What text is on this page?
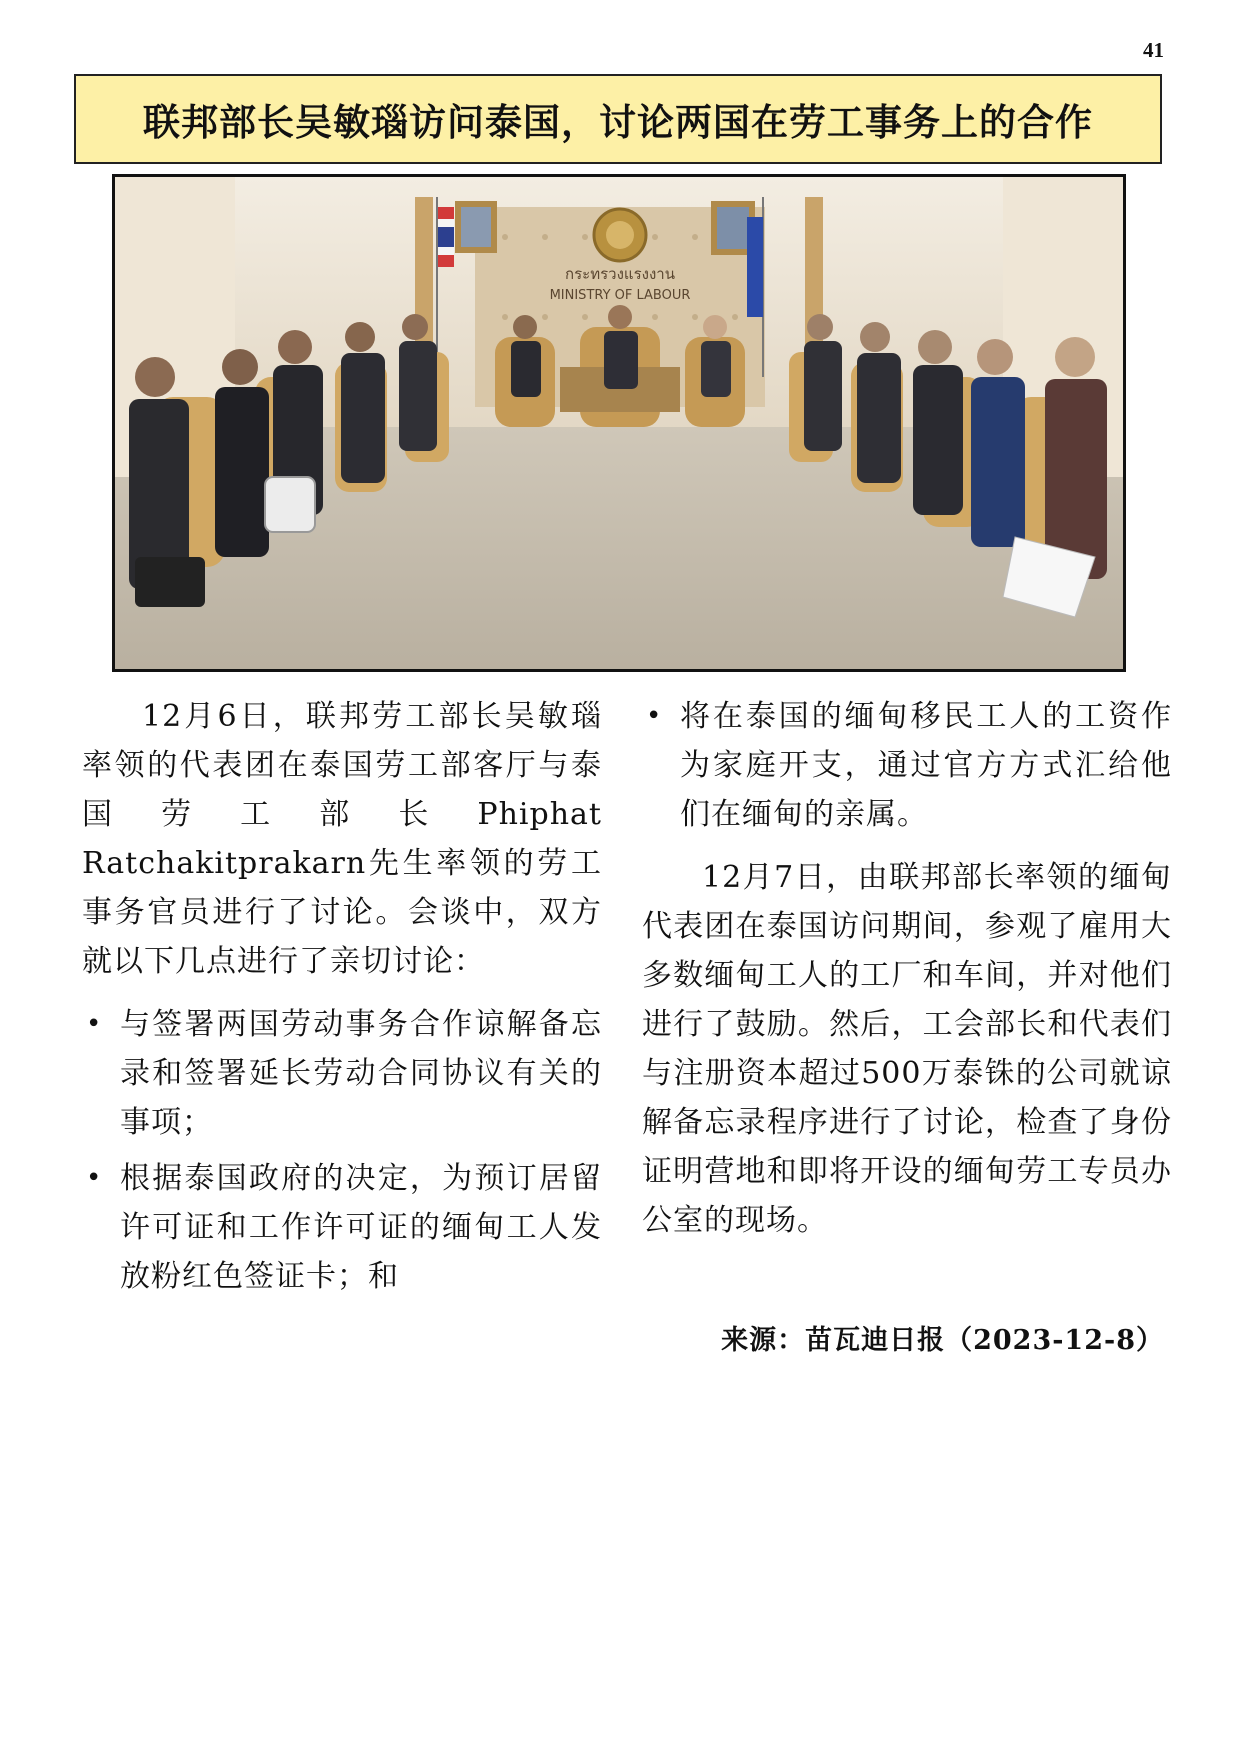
41
联邦部长吴敏瑙访问泰国，讨论两国在劳工事务上的合作
กระทรวงแรงงาน
MINISTRY OF LABOUR

12月6日，联邦劳工部长吴敏瑙率领的代表团在泰国劳工部客厅与泰国劳工部长Phiphat Ratchakitprakarn先生率领的劳工事务官员进行了讨论。会谈中，双方就以下几点进行了亲切讨论：

• 与签署两国劳动事务合作谅解备忘录和签署延长劳动合同协议有关的事项；
• 根据泰国政府的决定，为预订居留许可证和工作许可证的缅甸工人发放粉红色签证卡；和
• 将在泰国的缅甸移民工人的工资作为家庭开支，通过官方方式汇给他们在缅甸的亲属。

12月7日，由联邦部长率领的缅甸代表团在泰国访问期间，参观了雇用大多数缅甸工人的工厂和车间，并对他们进行了鼓励。然后，工会部长和代表们与注册资本超过500万泰铢的公司就谅解备忘录程序进行了讨论，检查了身份证明营地和即将开设的缅甸劳工专员办公室的现场。

来源：苗瓦迪日报（2023-12-8）
